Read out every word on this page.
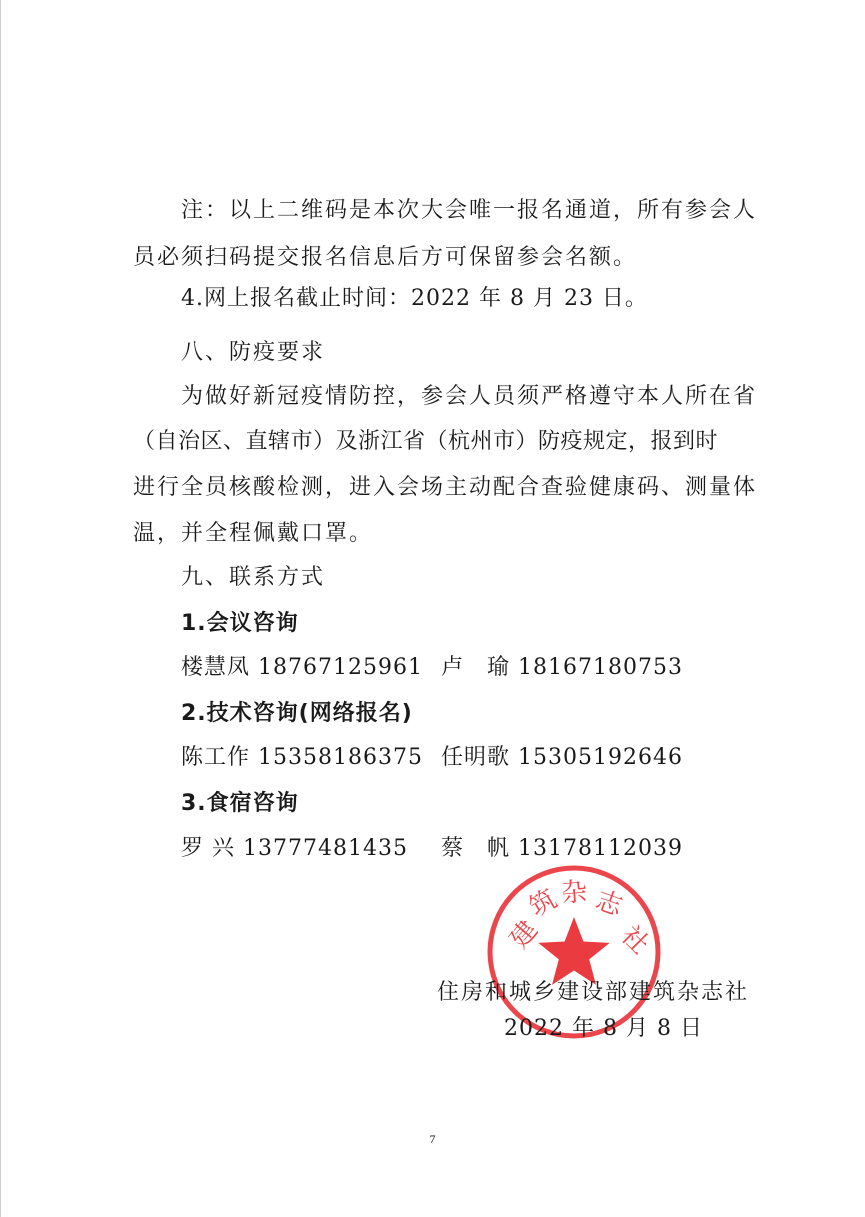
注：以上二维码是本次大会唯一报名通道，所有参会人
员必须扫码提交报名信息后方可保留参会名额。
4.网上报名截止时间：2022 年 8 月 23 日。
八、防疫要求
为做好新冠疫情防控，参会人员须严格遵守本人所在省
（自治区、直辖市）及浙江省（杭州市）防疫规定，报到时
进行全员核酸检测，进入会场主动配合查验健康码、测量体
温，并全程佩戴口罩。
九、联系方式
1.会议咨询
楼慧凤 18767125961 卢　瑜 18167180753
2.技术咨询(网络报名)
陈工作 15358186375 任明歌 15305192646
3.食宿咨询
罗 兴 13777481435 蔡　帆 13178112039
建
筑
杂 志
社
住房和城乡建设部建筑杂志社
2022 年 8 月 8 日
7
